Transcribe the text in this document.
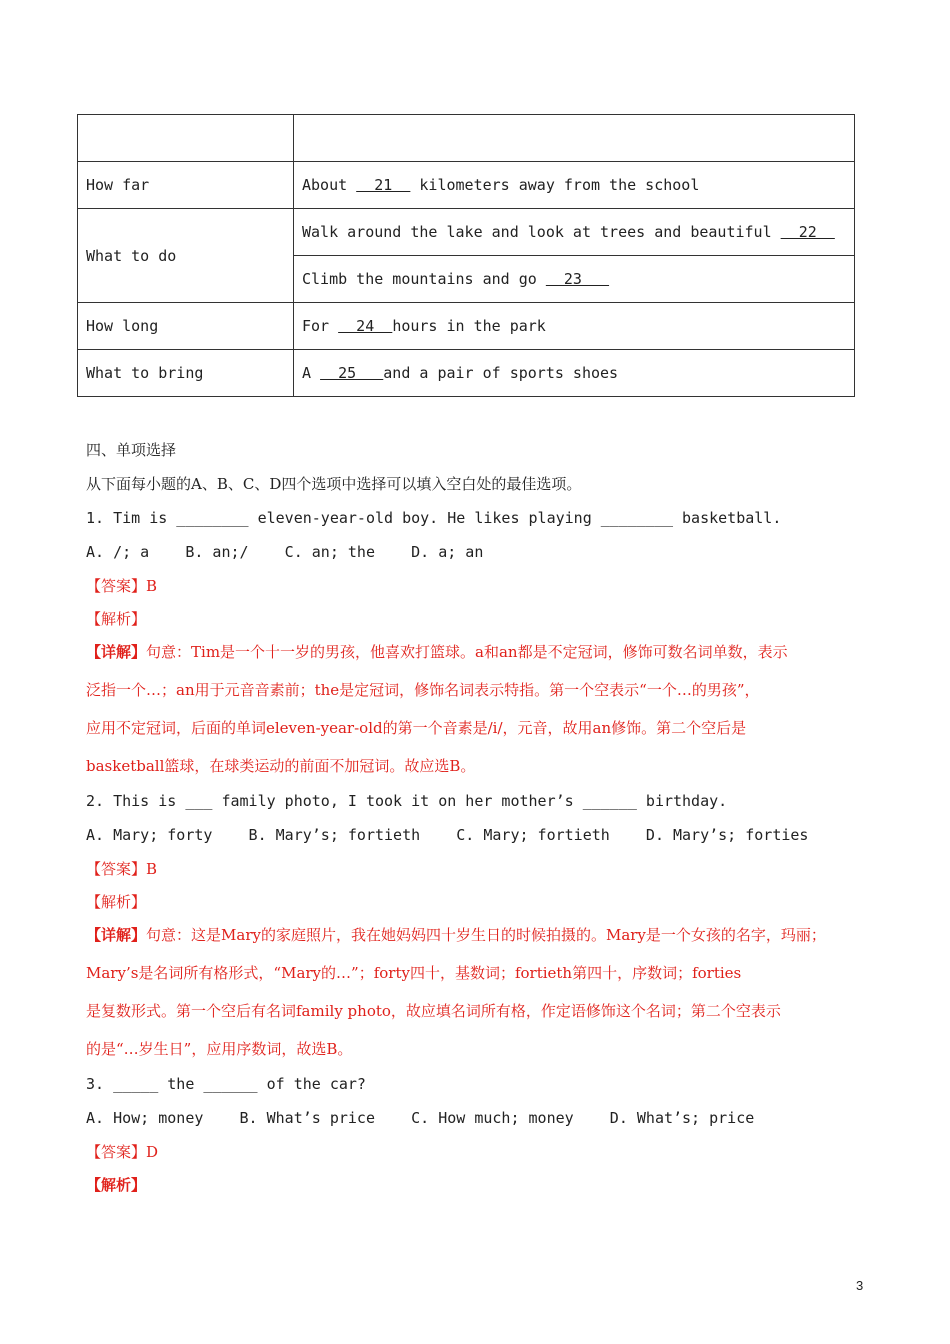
How far	About   21   kilometers away from the school
What to do	Walk around the lake and look at trees and beautiful   22
	Climb the mountains and go   23
How long	For   24  hours in the park
What to bring	A   25   and a pair of sports shoes
四、单项选择
从下面每小题的A、B、C、D四个选项中选择可以填入空白处的最佳选项。
1. Tim is ________ eleven-year-old boy. He likes playing ________ basketball.
A. /; a    B. an;/    C. an; the    D. a; an
【答案】B
【解析】
【详解】句意：Tim是一个十一岁的男孩，他喜欢打篮球。a和an都是不定冠词，修饰可数名词单数，表示
泛指一个…；an用于元音音素前；the是定冠词，修饰名词表示特指。第一个空表示“一个…的男孩”，
应用不定冠词，后面的单词eleven-year-old的第一个音素是/i/，元音，故用an修饰。第二个空后是
basketball篮球，在球类运动的前面不加冠词。故应选B。
2. This is ___ family photo, I took it on her mother’s ______ birthday.
A. Mary; forty    B. Mary’s; fortieth    C. Mary; fortieth    D. Mary’s; forties
【答案】B
【解析】
【详解】句意：这是Mary的家庭照片，我在她妈妈四十岁生日的时候拍摄的。Mary是一个女孩的名字，玛丽；
Mary’s是名词所有格形式，“Mary的…”；forty四十，基数词；fortieth第四十，序数词；forties
是复数形式。第一个空后有名词family photo，故应填名词所有格，作定语修饰这个名词；第二个空表示
的是“…岁生日”，应用序数词，故选B。
3. _____ the ______ of the car?
A. How; money    B. What’s price    C. How much; money    D. What’s; price
【答案】D
【解析】
3
